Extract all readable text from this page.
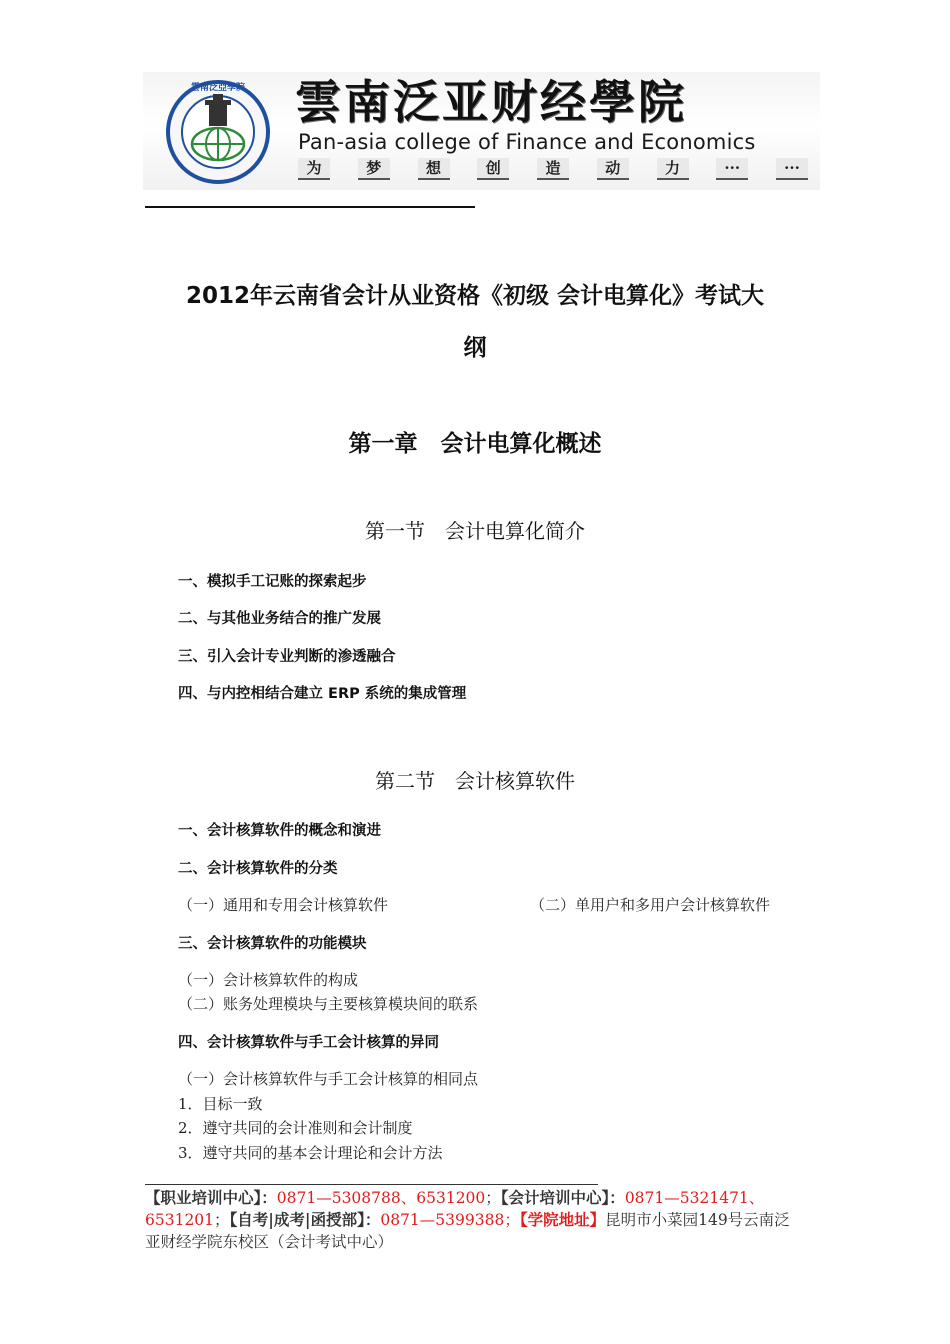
雲南泛亞學院 雲南泛亚财经學院
Pan-asia college of Finance and Economics
为	梦	想	创	造	动	力	···	···
2012年云南省会计从业资格《初级 会计电算化》考试大
纲
第一章　会计电算化概述
第一节　会计电算化简介
一、模拟手工记账的探索起步
二、与其他业务结合的推广发展
三、引入会计专业判断的渗透融合
四、与内控相结合建立 ERP 系统的集成管理
第二节　会计核算软件
一、会计核算软件的概念和演进
二、会计核算软件的分类
（一）通用和专用会计核算软件	（二）单用户和多用户会计核算软件
三、会计核算软件的功能模块
（一）会计核算软件的构成
（二）账务处理模块与主要核算模块间的联系
四、会计核算软件与手工会计核算的异同
（一）会计核算软件与手工会计核算的相同点
1．目标一致
2．遵守共同的会计准则和会计制度
3．遵守共同的基本会计理论和会计方法
【职业培训中心】：0871—5308788、6531200；【会计培训中心】：0871—5321471、6531201；【自考|成考|函授部】：0871—5399388；【学院地址】昆明市小菜园149号云南泛亚财经学院东校区（会计考试中心）
